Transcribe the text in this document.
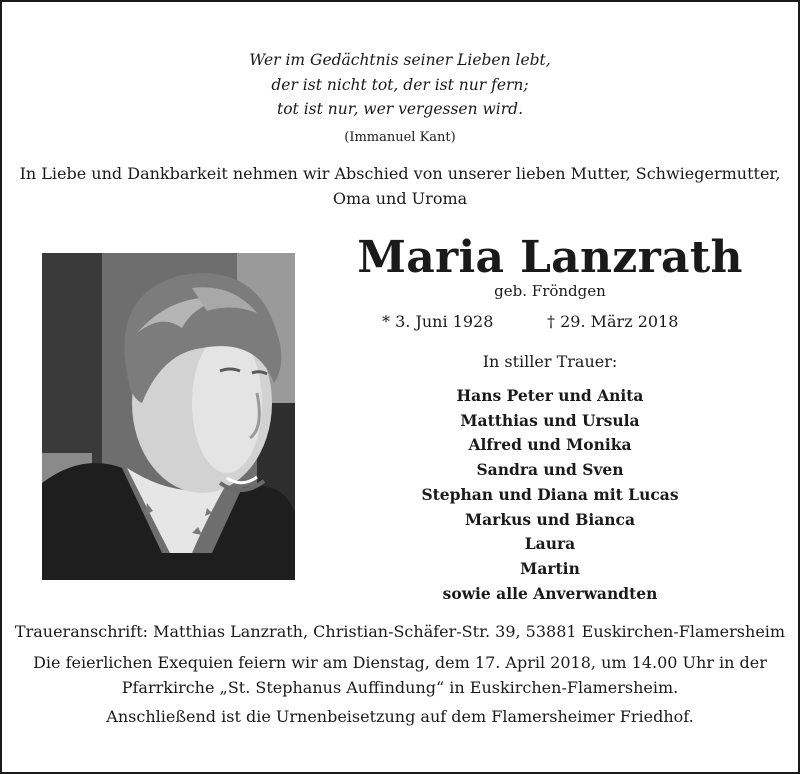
Wer im Gedächtnis seiner Lieben lebt,
der ist nicht tot, der ist nur fern;
tot ist nur, wer vergessen wird.
(Immanuel Kant)
In Liebe und Dankbarkeit nehmen wir Abschied von unserer lieben Mutter, Schwiegermutter,
Oma und Uroma
Maria Lanzrath
geb. Fröndgen
* 3. Juni 1928	† 29. März 2018
In stiller Trauer:
Hans Peter und Anita
Matthias und Ursula
Alfred und Monika
Sandra und Sven
Stephan und Diana mit Lucas
Markus und Bianca
Laura
Martin
sowie alle Anverwandten
Traueranschrift: Matthias Lanzrath, Christian-Schäfer-Str. 39, 53881 Euskirchen-Flamersheim
Die feierlichen Exequien feiern wir am Dienstag, dem 17. April 2018, um 14.00 Uhr in der
Pfarrkirche „St. Stephanus Auffindung“ in Euskirchen-Flamersheim.
Anschließend ist die Urnenbeisetzung auf dem Flamersheimer Friedhof.
